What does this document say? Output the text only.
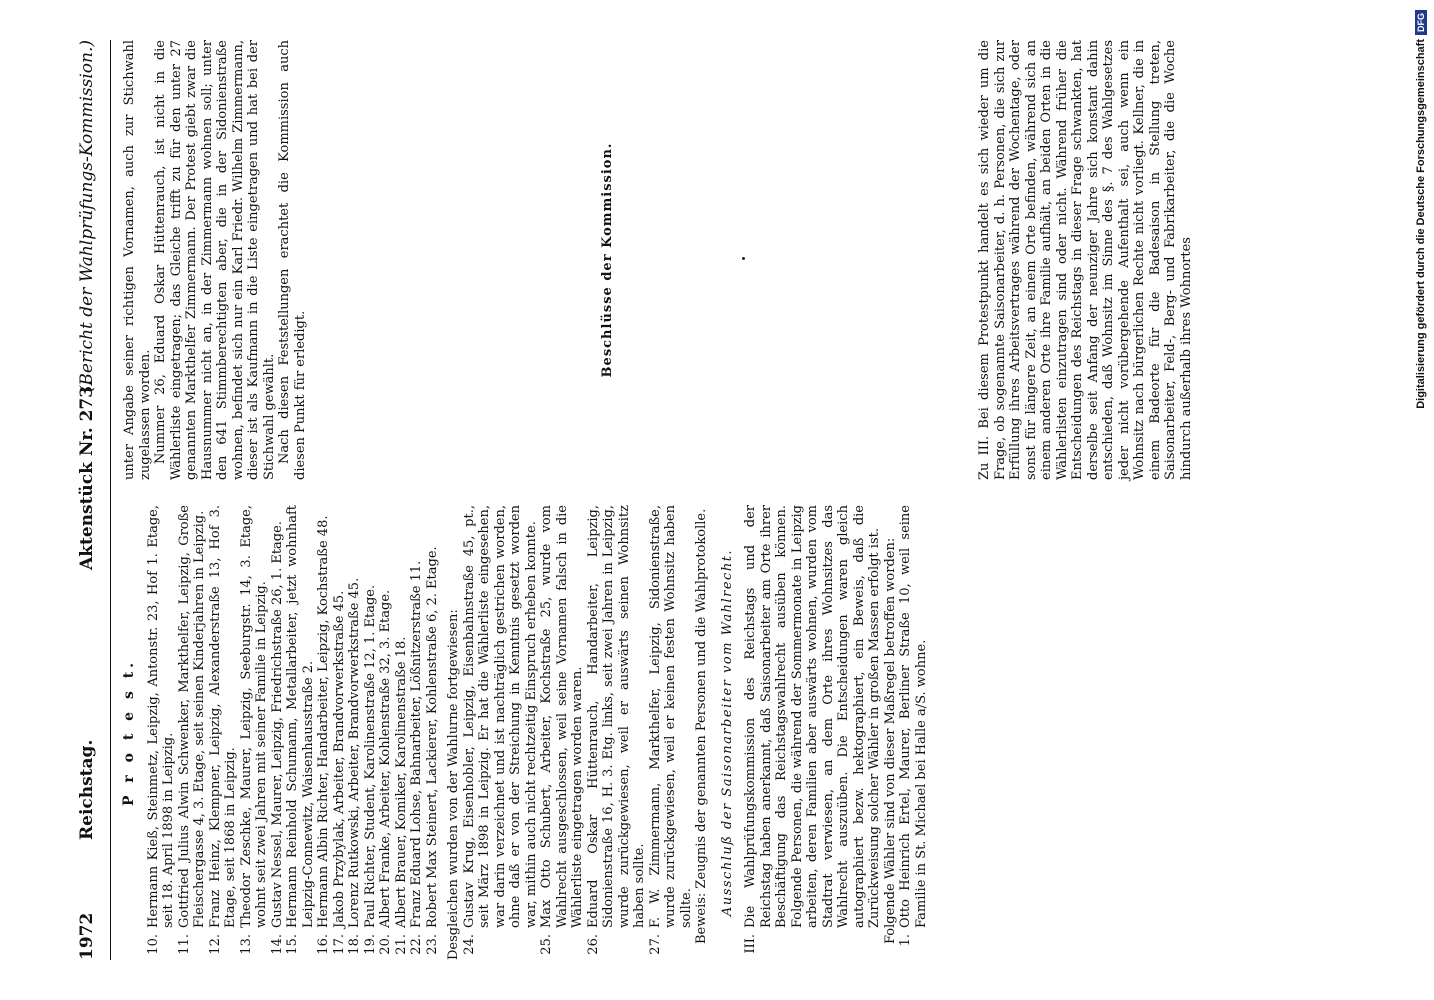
1972
Reichstag.
Aktenstück Nr. 273.
(Bericht der Wahlprüfungs-Kommission.)
P r o t e s t.
10.
Hermann Kieß, Steinmetz, Leipzig, Antonstr. 23, Hof 1. Etage, seit 18. April 1898 in Leipzig.
11.
Gottfried Julius Alwin Schwenker, Markthelfer, Leipzig, Große Fleischergasse 4, 3. Etage, seit seinen Kinderjahren in Leipzig.
12.
Franz Heinz, Klempner, Leipzig, Alexanderstraße 13, Hof 3. Etage, seit 1868 in Leipzig.
13.
Theodor Zeschke, Maurer, Leipzig, Seeburgstr. 14, 3. Etage, wohnt seit zwei Jahren mit seiner Familie in Leipzig.
14.
Gustav Nessel, Maurer, Leipzig, Friedrichstraße 26, 1. Etage.
15.
Hermann Reinhold Schumann, Metallarbeiter, jetzt wohnhaft Leipzig-Connewitz, Waisenhausstraße 2.
16.
Hermann Albin Richter, Handarbeiter, Leipzig, Kochstraße 48.
17.
Jakob Przybylak, Arbeiter, Brandvorwerkstraße 45.
18.
Lorenz Rutkowski, Arbeiter, Brandvorwerkstraße 45.
19.
Paul Richter, Student, Karolinenstraße 12, 1. Etage.
20.
Albert Franke, Arbeiter, Kohlenstraße 32, 3. Etage.
21.
Albert Brauer, Komiker, Karolinenstraße 18.
22.
Franz Eduard Lohse, Bahnarbeiter, Lößnitzerstraße 11.
23.
Robert Max Steinert, Lackierer, Kohlenstraße 6, 2. Etage. Desgleichen wurden von der Wahlurne fortgewiesen: 24.
Gustav Krug, Eisenhobler, Leipzig, Eisenbahnstraße 45, pt., seit März 1898 in Leipzig. Er hat die Wählerliste eingesehen, war darin verzeichnet und ist nachträglich gestrichen worden, ohne daß er von der Streichung in Kenntnis gesetzt worden war, mithin auch nicht rechtzeitig Einspruch erheben konnte.
25.
Max Otto Schubert, Arbeiter, Kochstraße 25, wurde vom Wahlrecht ausgeschlossen, weil seine Vornamen falsch in die Wählerliste eingetragen worden waren.
26.
Eduard Oskar Hüttenrauch, Handarbeiter, Leipzig, Sidonienstraße 16, H. 3. Etg. links, seit zwei Jahren in Leipzig, wurde zurückgewiesen, weil er auswärts seinen Wohnsitz haben sollte.
27.
F. W. Zimmermann, Markthelfer, Leipzig, Sidonienstraße, wurde zurückgewiesen, weil er keinen festen Wohnsitz haben sollte. Beweis: Zeugnis der genannten Personen und die Wahlprotokolle. Ausschluß der Saisonarbeiter vom Wahlrecht.
III.
Die Wahlprüfungskommission des Reichstags und der Reichstag haben anerkannt, daß Saisonarbeiter am Orte ihrer Beschäftigung das Reichstagswahlrecht ausüben können. Folgende Personen, die während der Sommermonate in Leipzig arbeiten, deren Familien aber auswärts wohnen, wurden vom Stadtrat verwiesen, an dem Orte ihres Wohnsitzes das Wahlrecht auszuüben. Die Entscheidungen waren gleich autographiert bezw. hektographiert, ein Beweis, daß die Zurückweisung solcher Wähler in großen Massen erfolgt ist. Folgende Wähler sind von dieser Maßregel betroffen worden: 1.
Otto Heinrich Ertel, Maurer, Berliner Straße 10, weil seine Familie in St. Michael bei Halle a/S. wohne.

unter Angabe seiner richtigen Vornamen, auch zur Stichwahl zugelassen worden. Nummer 26, Eduard Oskar Hüttenrauch, ist nicht in die Wählerliste eingetragen; das Gleiche trifft zu für den unter 27 genannten Markthelfer Zimmermann. Der Protest giebt zwar die Hausnummer nicht an, in der Zimmermann wohnen soll; unter den 641 Stimmberechtigten aber, die in der Sidonienstraße wohnen, befindet sich nur ein Karl Friedr. Wilhelm Zimmermann, dieser ist als Kaufmann in die Liste eingetragen und hat bei der Stichwahl gewählt. Nach diesen Feststellungen erachtet die Kommission auch diesen Punkt für erledigt.

Beschlüsse der Kommission.	Zu III. Bei diesem Protestpunkt handelt es sich wieder um die Frage, ob sogenannte Saisonarbeiter, d. h. Personen, die sich zur Erfüllung ihres Arbeitsvertrages während der Wochentage, oder sonst für längere Zeit, an einem Orte befinden, während sich an einem anderen Orte ihre Familie aufhält, an beiden Orten in die Wählerlisten einzutragen sind oder nicht. Während früher die Entscheidungen des Reichstags in dieser Frage schwankten, hat derselbe seit Anfang der neunziger Jahre sich konstant dahin entschieden, daß Wohnsitz im Sinne des §. 7 des Wahlgesetzes jeder nicht vorübergehende Aufenthalt sei, auch wenn ein Wohnsitz nach bürgerlichen Rechte nicht vorliegt. Kellner, die in einem Badeorte für die Badesaison in Stellung treten, Saisonarbeiter, Feld-, Berg- und Fabrikarbeiter, die die Woche hindurch außerhalb ihres Wohnortes	Digitalisierung gefördert durch die Deutsche Forschungsgemeinschaft
DFG
